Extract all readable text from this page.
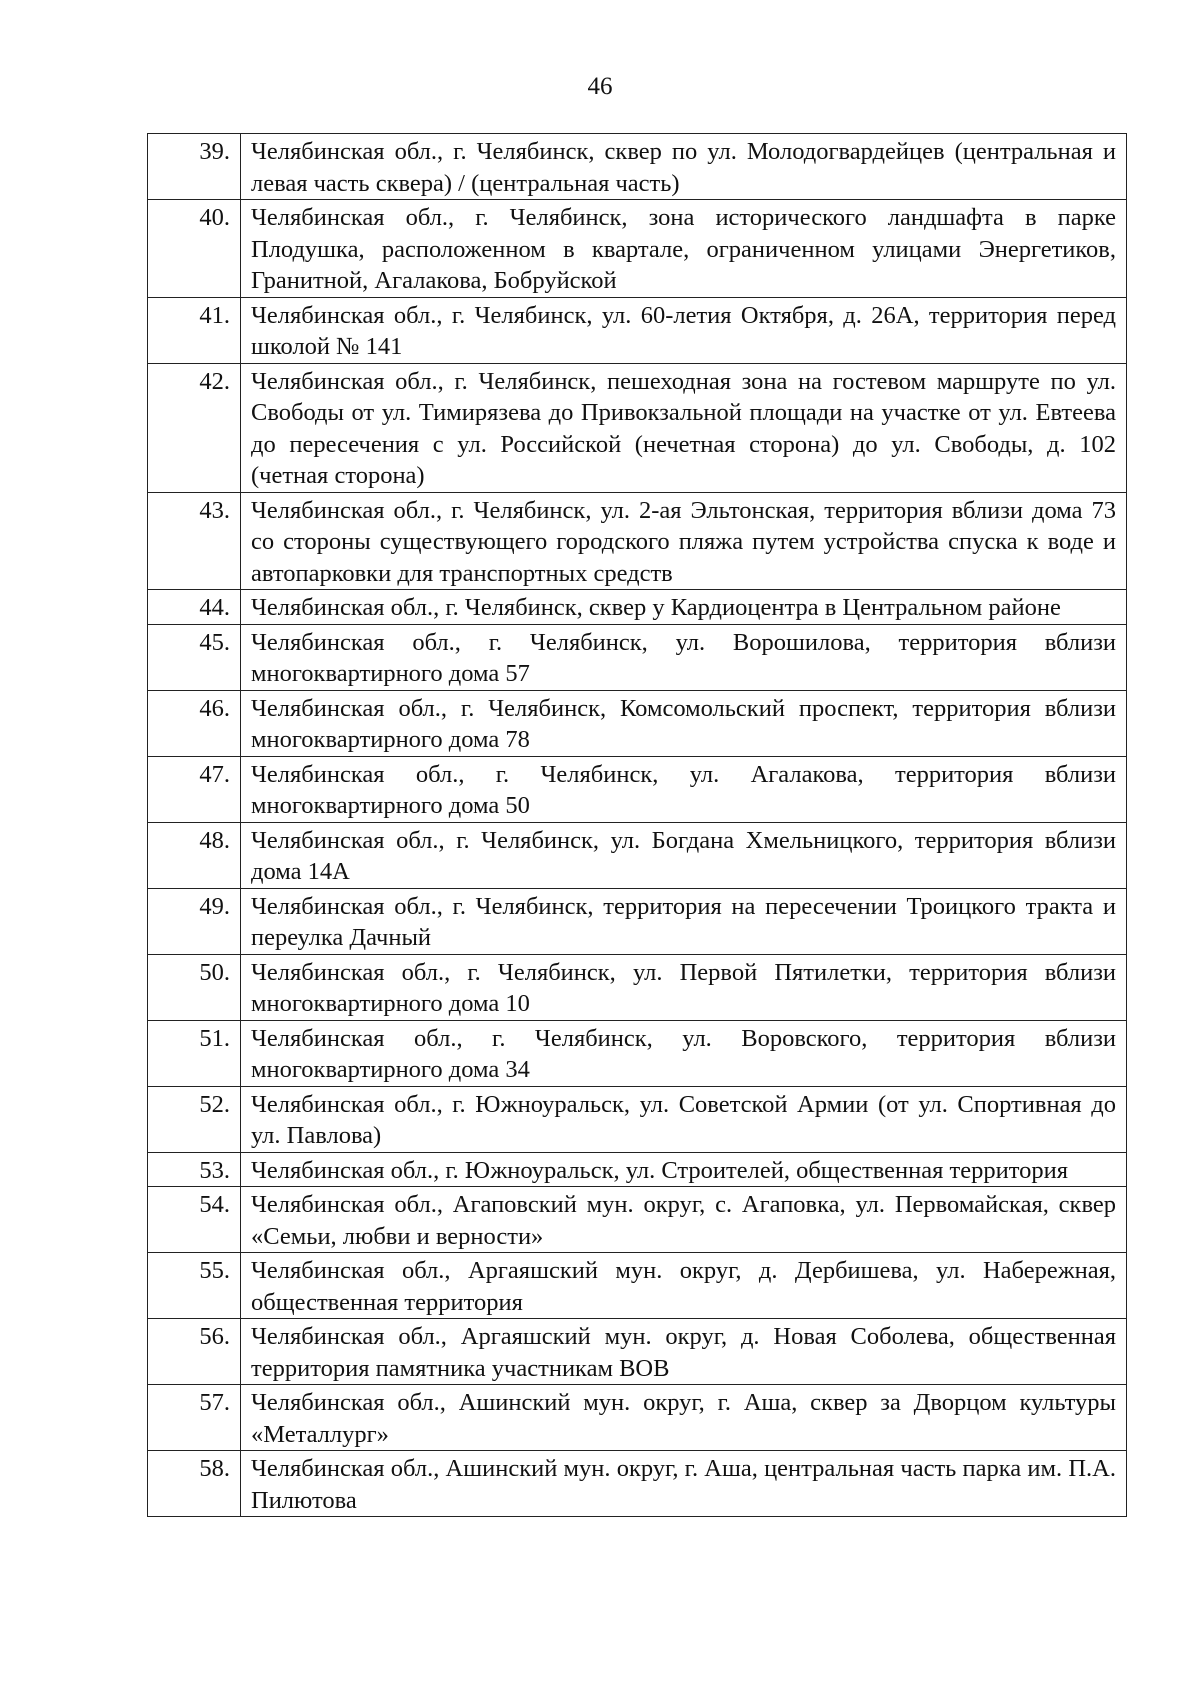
46
39.	Челябинская обл., г. Челябинск, сквер по ул. Молодогвардейцев (центральная и левая часть сквера) / (центральная часть)
40.	Челябинская обл., г. Челябинск, зона исторического ландшафта в парке Плодушка, расположенном в квартале, ограниченном улицами Энергетиков, Гранитной, Агалакова, Бобруйской
41.	Челябинская обл., г. Челябинск, ул. 60-летия Октября, д. 26А, территория перед школой № 141
42.	Челябинская обл., г. Челябинск, пешеходная зона на гостевом маршруте по ул. Свободы от ул. Тимирязева до Привокзальной площади на участке от ул. Евтеева до пересечения с ул. Российской (нечетная сторона) до ул. Свободы, д. 102 (четная сторона)
43.	Челябинская обл., г. Челябинск, ул. 2-ая Эльтонская, территория вблизи дома 73 со стороны существующего городского пляжа путем устройства спуска к воде и автопарковки для транспортных средств
44.	Челябинская обл., г. Челябинск, сквер у Кардиоцентра в Центральном районе
45.	Челябинская обл., г. Челябинск, ул. Ворошилова, территория вблизи многоквартирного дома 57
46.	Челябинская обл., г. Челябинск, Комсомольский проспект, территория вблизи многоквартирного дома 78
47.	Челябинская обл., г. Челябинск, ул. Агалакова, территория вблизи многоквартирного дома 50
48.	Челябинская обл., г. Челябинск, ул. Богдана Хмельницкого, территория вблизи дома 14А
49.	Челябинская обл., г. Челябинск, территория на пересечении Троицкого тракта и переулка Дачный
50.	Челябинская обл., г. Челябинск, ул. Первой Пятилетки, территория вблизи многоквартирного дома 10
51.	Челябинская обл., г. Челябинск, ул. Воровского, территория вблизи многоквартирного дома 34
52.	Челябинская обл., г. Южноуральск, ул. Советской Армии (от ул. Спортивная до ул. Павлова)
53.	Челябинская обл., г. Южноуральск, ул. Строителей, общественная территория
54.	Челябинская обл., Агаповский мун. округ, с. Агаповка, ул. Первомайская, сквер «Семьи, любви и верности»
55.	Челябинская обл., Аргаяшский мун. округ, д. Дербишева, ул. Набережная, общественная территория
56.	Челябинская обл., Аргаяшский мун. округ, д. Новая Соболева, общественная территория памятника участникам ВОВ
57.	Челябинская обл., Ашинский мун. округ, г. Аша, сквер за Дворцом культуры «Металлург»
58.	Челябинская обл., Ашинский мун. округ, г. Аша, центральная часть парка им. П.А. Пилютова
